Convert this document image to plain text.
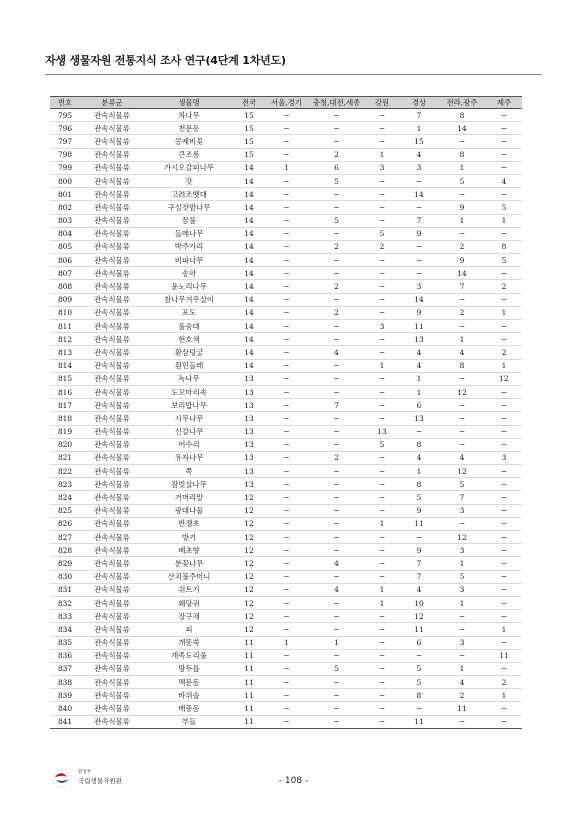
자생 생물자원 전통지식 조사 연구(4단계 1차년도)
번호	분류군	생물명	전국	서울,경기	충청,대전,세종	강원	경상	전라,광주	제주
795	관속식물류	차나무	15	−	−	−	7	8	−
796	관속식물류	천문동	15	−	−	−	1	14	−
797	관속식물류	콩제비꽃	15	−	−	−	15	−	−
798	관속식물류	큰조롱	15	−	2	1	4	8	−
799	관속식물류	가시오갈피나무	14	1	6	3	3	1	−
800	관속식물류	갓	14	−	5	−	−	5	4
801	관속식물류	고려조뱃대	14	−	−	−	14	−	−
802	관속식물류	구실잣밤나무	14	−	−	−	−	9	5
803	관속식물류	꿀풀	14	−	5	−	7	1	1
804	관속식물류	들메나무	14	−	−	5	9	−	−
805	관속식물류	박주가리	14	−	2	2	−	2	8
806	관속식물류	비파나무	14	−	−	−	−	9	5
807	관속식물류	송악	14	−	−	−	−	14	−
808	관속식물류	윤노리나무	14	−	2	−	3	7	2
809	관속식물류	참나무겨우살이	14	−	−	−	14	−	−
810	관속식물류	포도	14	−	2	−	9	2	1
811	관속식물류	풀솜대	14	−	−	3	11	−	−
812	관속식물류	현호색	14	−	−	−	13	1	−
813	관속식물류	환삼덩굴	14	−	4	−	4	4	2
814	관속식물류	흰민들레	14	−	−	1	4	8	1
815	관속식물류	녹나무	13	−	−	−	1	−	12
816	관속식물류	도꼬마리속	13	−	−	−	1	12	−
817	관속식물류	보리밥나무	13	−	7	−	6	−	−
818	관속식물류	시무나무	13	−	−	−	13	−	−
819	관속식물류	신갈나무	13	−	−	13	−	−	−
820	관속식물류	어수리	13	−	−	5	8	−	−
821	관속식물류	유자나무	13	−	2	−	4	4	3
822	관속식물류	쪽	13	−	−	−	1	12	−
823	관속식물류	잠빗살나무	13	−	−	−	8	5	−
824	관속식물류	거머리말	12	−	−	−	5	7	−
825	관속식물류	광대나물	12	−	−	−	9	3	−
826	관속식물류	반쟁초	12	−	−	1	11	−	−
827	관속식물류	방기	12	−	−	−	−	12	−
828	관속식물류	배초향	12	−	−	−	9	3	−
829	관속식물류	분꽃나무	12	−	4	−	7	1	−
830	관속식물류	산괴불주머니	12	−	−	−	7	5	−
831	관속식물류	쉬트기	12	−	4	1	4	3	−
832	관속식물류	왜당귀	12	−	−	1	10	1	−
833	관속식물류	장구채	12	−	−	−	12	−	−
834	관속식물류	피	12	−	−	−	11	−	1
835	관속식물류	개똥쑥	11	1	1	−	6	3	−
836	관속식물류	개족도리풀	11	−	−	−	−	−	11
837	관속식물류	땅두릅	11	−	5	−	5	1	−
838	관속식물류	맥문동	11	−	−	−	5	4	2
839	관속식물류	바위솔	11	−	−	−	8	2	1
840	관속식물류	배풍등	11	−	−	−	−	11	−
841	관속식물류	부들	11	−	−	−	11	−	−
환경부
국립생물자원관	- 108 -
